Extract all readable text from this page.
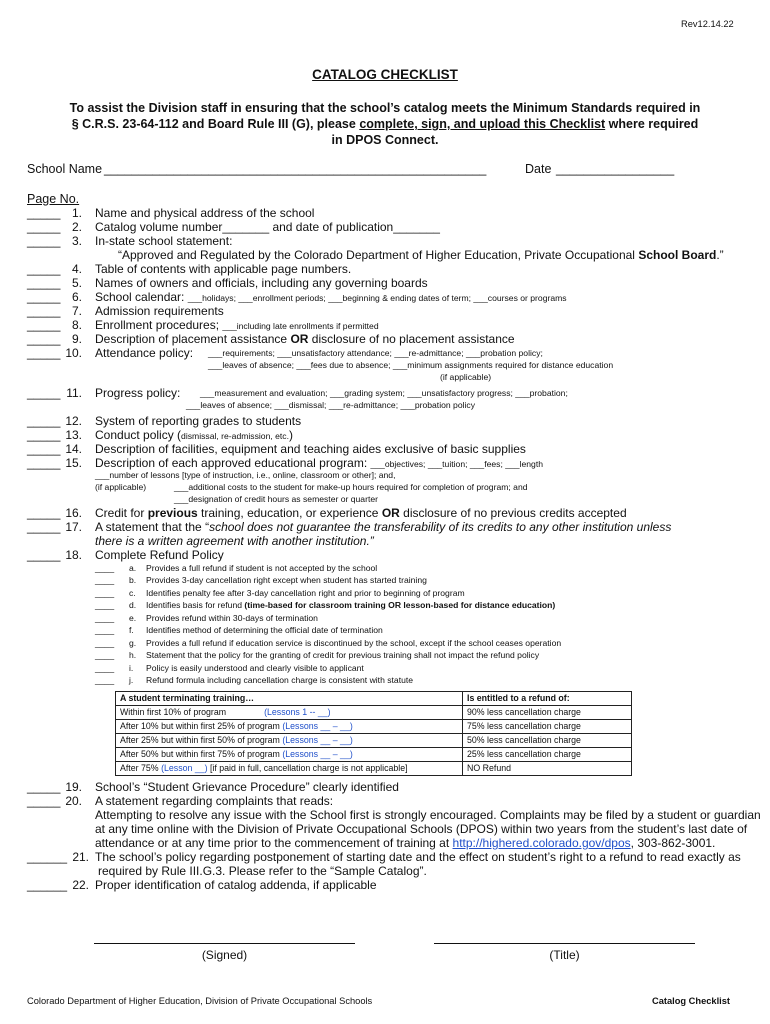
Rev12.14.22
CATALOG CHECKLIST
To assist the Division staff in ensuring that the school’s catalog meets the Minimum Standards required in
§ C.R.S. 23-64-112 and Board Rule III (G), please complete, sign, and upload this Checklist where required
in DPOS Connect.
School Name _______________________________________________________	Date _________________
Page No.
_____ 1. Name and physical address of the school
_____ 2. Catalog volume number_______ and date of publication_______
_____ 3. In-state school statement:
“Approved and Regulated by the Colorado Department of Higher Education, Private Occupational School Board.”
_____ 4. Table of contents with applicable page numbers.
_____ 5. Names of owners and officials, including any governing boards
_____ 6. School calendar: ___holidays; ___enrollment periods; ___beginning & ending dates of term; ___courses or programs
_____ 7. Admission requirements
_____ 8. Enrollment procedures; ___including late enrollments if permitted
_____ 9. Description of placement assistance OR disclosure of no placement assistance
_____ 10. Attendance policy: ___requirements; ___unsatisfactory attendance; ___re-admittance; ___probation policy;
___leaves of absence; ___fees due to absence; ___minimum assignments required for distance education
(if applicable)
_____ 11. Progress policy: ___measurement and evaluation; ___grading system; ___unsatisfactory progress; ___probation;
___leaves of absence; ___dismissal; ___re-admittance; ___probation policy
_____ 12. System of reporting grades to students
_____ 13. Conduct policy (dismissal, re-admission, etc.)
_____ 14. Description of facilities, equipment and teaching aides exclusive of basic supplies
_____ 15. Description of each approved educational program: ___objectives; ___tuition; ___fees; ___length
___number of lessons [type of instruction, i.e., online, classroom or other]; and,
(if applicable)	___additional costs to the student for make-up hours required for completion of program; and
___designation of credit hours as semester or quarter
_____ 16. Credit for previous training, education, or experience OR disclosure of no previous credits accepted
_____ 17. A statement that the “school does not guarantee the transferability of its credits to any other institution unless
there is a written agreement with another institution.”
_____ 18. Complete Refund Policy
____ a. Provides a full refund if student is not accepted by the school
____ b. Provides 3-day cancellation right except when student has started training
____ c. Identifies penalty fee after 3-day cancellation right and prior to beginning of program
____ d. Identifies basis for refund (time-based for classroom training OR lesson-based for distance education)
____ e. Provides refund within 30-days of termination
____ f. Identifies method of determining the official date of termination
____ g. Provides a full refund if education service is discontinued by the school, except if the school ceases operation
____ h. Statement that the policy for the granting of credit for previous training shall not impact the refund policy
____ i. Policy is easily understood and clearly visible to applicant
____ j. Refund formula including cancellation charge is consistent with statute
A student terminating training…	Is entitled to a refund of:
Within first 10% of program (Lessons 1 -- __)	90% less cancellation charge
After 10% but within first 25% of program (Lessons __ – __)	75% less cancellation charge
After 25% but within first 50% of program (Lessons __ – __)	50% less cancellation charge
After 50% but within first 75% of program (Lessons __ – __)	25% less cancellation charge
After 75% (Lesson __) [if paid in full, cancellation charge is not applicable]	NO Refund
_____ 19. School’s “Student Grievance Procedure” clearly identified
_____ 20. A statement regarding complaints that reads:
Attempting to resolve any issue with the School first is strongly encouraged. Complaints may be filed by a student or guardian
at any time online with the Division of Private Occupational Schools (DPOS) within two years from the student’s last date of
attendance or at any time prior to the commencement of training at http://highered.colorado.gov/dpos, 303-862-3001.
______ 21. The school’s policy regarding postponement of starting date and the effect on student’s right to a refund to read exactly as
required by Rule III.G.3. Please refer to the “Sample Catalog”.
______ 22. Proper identification of catalog addenda, if applicable
(Signed)	(Title)
Colorado Department of Higher Education, Division of Private Occupational Schools	Catalog Checklist
